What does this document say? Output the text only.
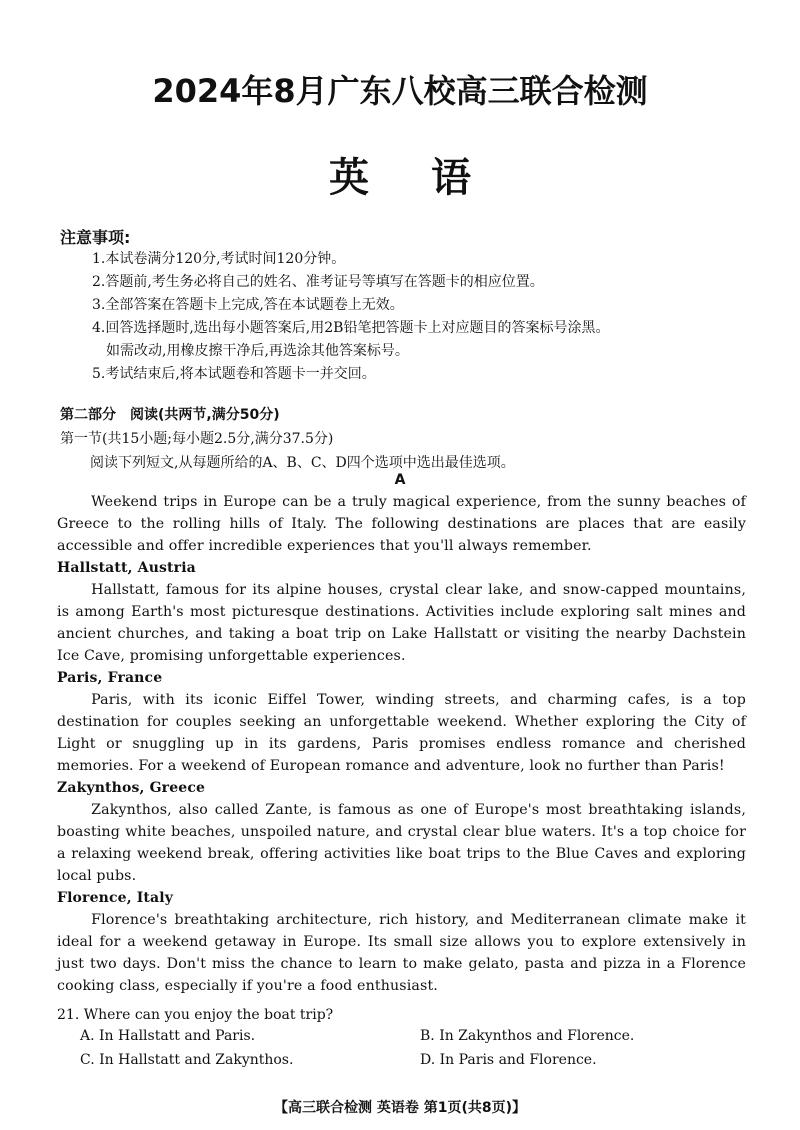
2024年8月广东八校高三联合检测
英 语
注意事项:
1.本试卷满分120分,考试时间120分钟。
2.答题前,考生务必将自己的姓名、准考证号等填写在答题卡的相应位置。
3.全部答案在答题卡上完成,答在本试题卷上无效。
4.回答选择题时,选出每小题答案后,用2B铅笔把答题卡上对应题目的答案标号涂黑。
如需改动,用橡皮擦干净后,再选涂其他答案标号。
5.考试结束后,将本试题卷和答题卡一并交回。
第二部分 阅读(共两节,满分50分)
第一节(共15小题;每小题2.5分,满分37.5分)
阅读下列短文,从每题所给的A、B、C、D四个选项中选出最佳选项。
A

Weekend trips in Europe can be a truly magical experience, from the sunny beaches of Greece to the rolling hills of Italy. The following destinations are places that are easily accessible and offer incredible experiences that you'll always remember.

Hallstatt, Austria

Hallstatt, famous for its alpine houses, crystal clear lake, and snow-capped mountains, is among Earth's most picturesque destinations. Activities include exploring salt mines and ancient churches, and taking a boat trip on Lake Hallstatt or visiting the nearby Dachstein Ice Cave, promising unforgettable experiences.

Paris, France

Paris, with its iconic Eiffel Tower, winding streets, and charming cafes, is a top destination for couples seeking an unforgettable weekend. Whether exploring the City of Light or snuggling up in its gardens, Paris promises endless romance and cherished memories. For a weekend of European romance and adventure, look no further than Paris!

Zakynthos, Greece

Zakynthos, also called Zante, is famous as one of Europe's most breathtaking islands, boasting white beaches, unspoiled nature, and crystal clear blue waters. It's a top choice for a relaxing weekend break, offering activities like boat trips to the Blue Caves and exploring local pubs.

Florence, Italy

Florence's breathtaking architecture, rich history, and Mediterranean climate make it ideal for a weekend getaway in Europe. Its small size allows you to explore extensively in just two days. Don't miss the chance to learn to make gelato, pasta and pizza in a Florence cooking class, especially if you're a food enthusiast.

21. Where can you enjoy the boat trip?
A. In Hallstatt and Paris.	B. In Zakynthos and Florence.
C. In Hallstatt and Zakynthos.	D. In Paris and Florence.
【高三联合检测 英语卷 第1页(共8页)】
